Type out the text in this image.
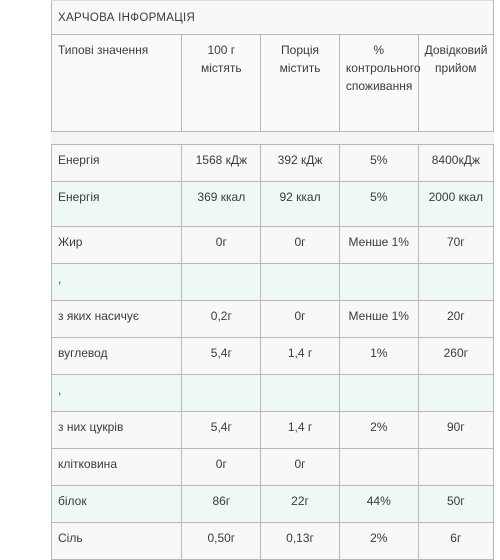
ХАРЧОВА ІНФОРМАЦІЯ				
Типові значення	100 г містять	Порція містить	% контрольного споживання	Довідковий прийом

Енергія	1568 кДж	392 кДж	5%	8400кДж
Енергія	369 ккал	92 ккал	5%	2000 ккал
Жир	0г	0г	Менше 1%	70г
,				
з яких насичує	0,2г	0г	Менше 1%	20г
вуглевод	5,4г	1,4 г	1%	260г
,				
з них цукрів	5,4г	1,4 г	2%	90г
клітковина	0г	0г		
білок	86г	22г	44%	50г
Сіль	0,50г	0,13г	2%	6г
